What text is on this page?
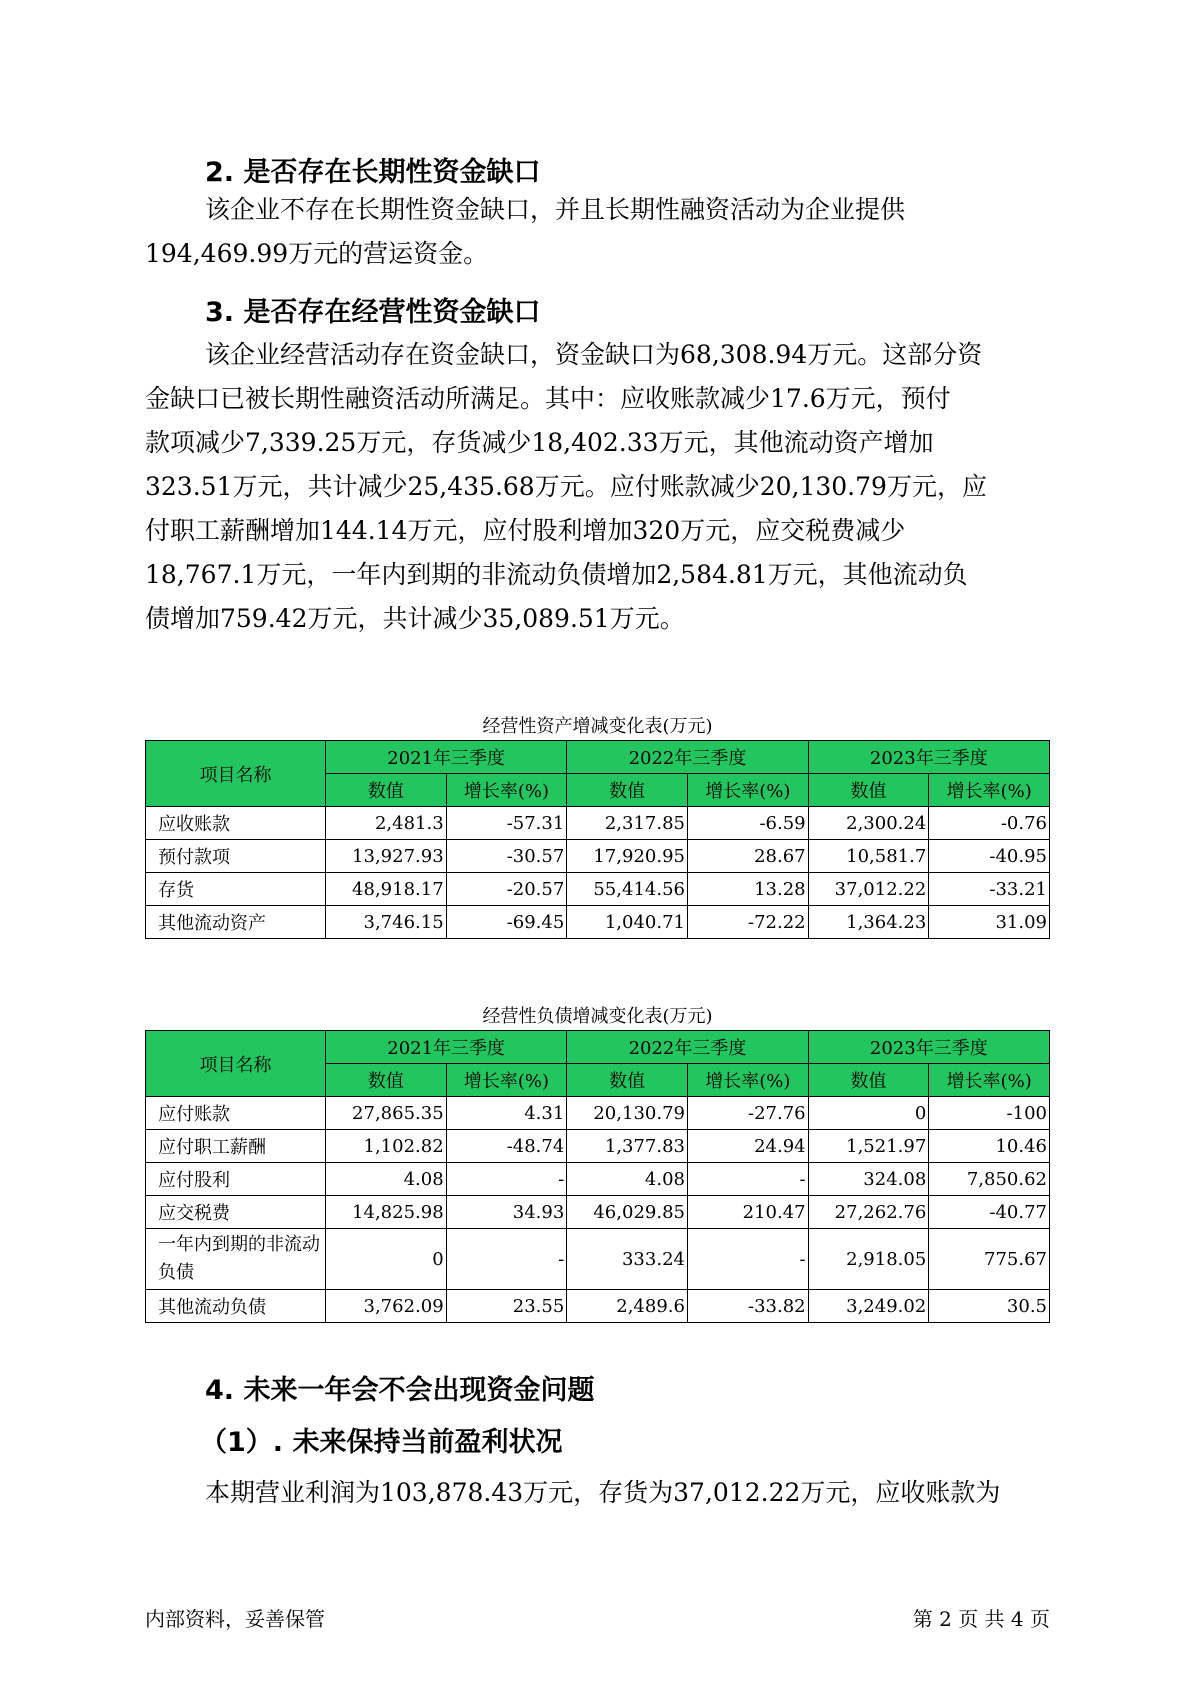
2. 是否存在长期性资金缺口

该企业不存在长期性资金缺口，并且长期性融资活动为企业提供
194,469.99万元的营运资金。

3. 是否存在经营性资金缺口

该企业经营活动存在资金缺口，资金缺口为68,308.94万元。这部分资
金缺口已被长期性融资活动所满足。其中：应收账款减少17.6万元，预付
款项减少7,339.25万元，存货减少18,402.33万元，其他流动资产增加
323.51万元，共计减少25,435.68万元。应付账款减少20,130.79万元，应
付职工薪酬增加144.14万元，应付股利增加320万元，应交税费减少
18,767.1万元，一年内到期的非流动负债增加2,584.81万元，其他流动负
债增加759.42万元，共计减少35,089.51万元。

经营性资产增减变化表(万元)

项目名称	2021年三季度		2022年三季度		2023年三季度	
	数值	增长率(%)	数值	增长率(%)	数值	增长率(%)
应收账款	2,481.3	-57.31	2,317.85	-6.59	2,300.24	-0.76
预付款项	13,927.93	-30.57	17,920.95	28.67	10,581.7	-40.95
存货	48,918.17	-20.57	55,414.56	13.28	37,012.22	-33.21
其他流动资产	3,746.15	-69.45	1,040.71	-72.22	1,364.23	31.09

经营性负债增减变化表(万元)

项目名称	2021年三季度		2022年三季度		2023年三季度	
	数值	增长率(%)	数值	增长率(%)	数值	增长率(%)
应付账款	27,865.35	4.31	20,130.79	-27.76	0	-100
应付职工薪酬	1,102.82	-48.74	1,377.83	24.94	1,521.97	10.46
应付股利	4.08	-	4.08	-	324.08	7,850.62
应交税费	14,825.98	34.93	46,029.85	210.47	27,262.76	-40.77
一年内到期的非流动负债	0	-	333.24	-	2,918.05	775.67
其他流动负债	3,762.09	23.55	2,489.6	-33.82	3,249.02	30.5
4. 未来一年会不会出现资金问题
（1）. 未来保持当前盈利状况

本期营业利润为103,878.43万元，存货为37,012.22万元，应收账款为

内部资料，妥善保管	第 2 页 共 4 页
